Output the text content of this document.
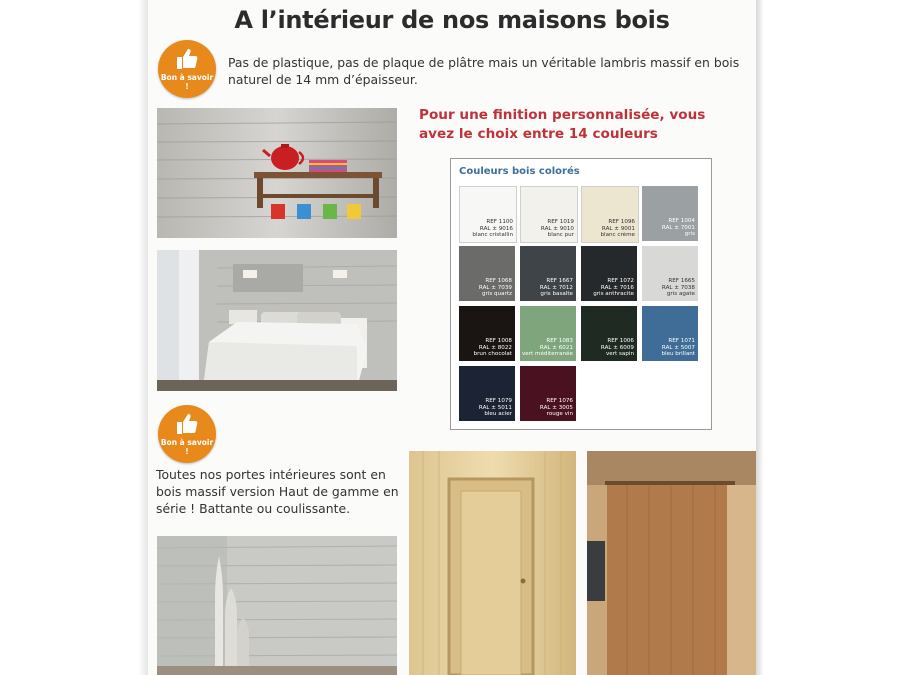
A l’intérieur de nos maisons bois
Bon à savoir !
Pas de plastique, pas de plaque de plâtre mais un véritable lambris massif en bois naturel de 14 mm d’épaisseur.
Pour une finition personnalisée, vous avez le choix entre 14 couleurs
Couleurs bois colorés
REF 1100
RAL ± 9016
blanc cristallin
REF 1019
RAL ± 9010
blanc pur
REF 1096
RAL ± 9001
blanc crème
REF 1004
RAL ± 7001
gris
REF 1068
RAL ± 7039
gris quartz
REF 1667
RAL ± 7012
gris basalte
REF 1072
RAL ± 7016
gris anthracite
REF 1665
RAL ± 7038
gris agate
REF 1008
RAL ± 8022
brun chocolat
REF 1083
RAL ± 6021
vert méditerranée
REF 1006
RAL ± 6009
vert sapin
REF 1071
RAL ± 5007
bleu brillant
REF 1079
RAL ± 5011
bleu acier
REF 1076
RAL ± 3005
rouge vin
Bon à savoir !
Toutes nos portes intérieures sont en bois massif version Haut de gamme en série ! Battante ou coulissante.
